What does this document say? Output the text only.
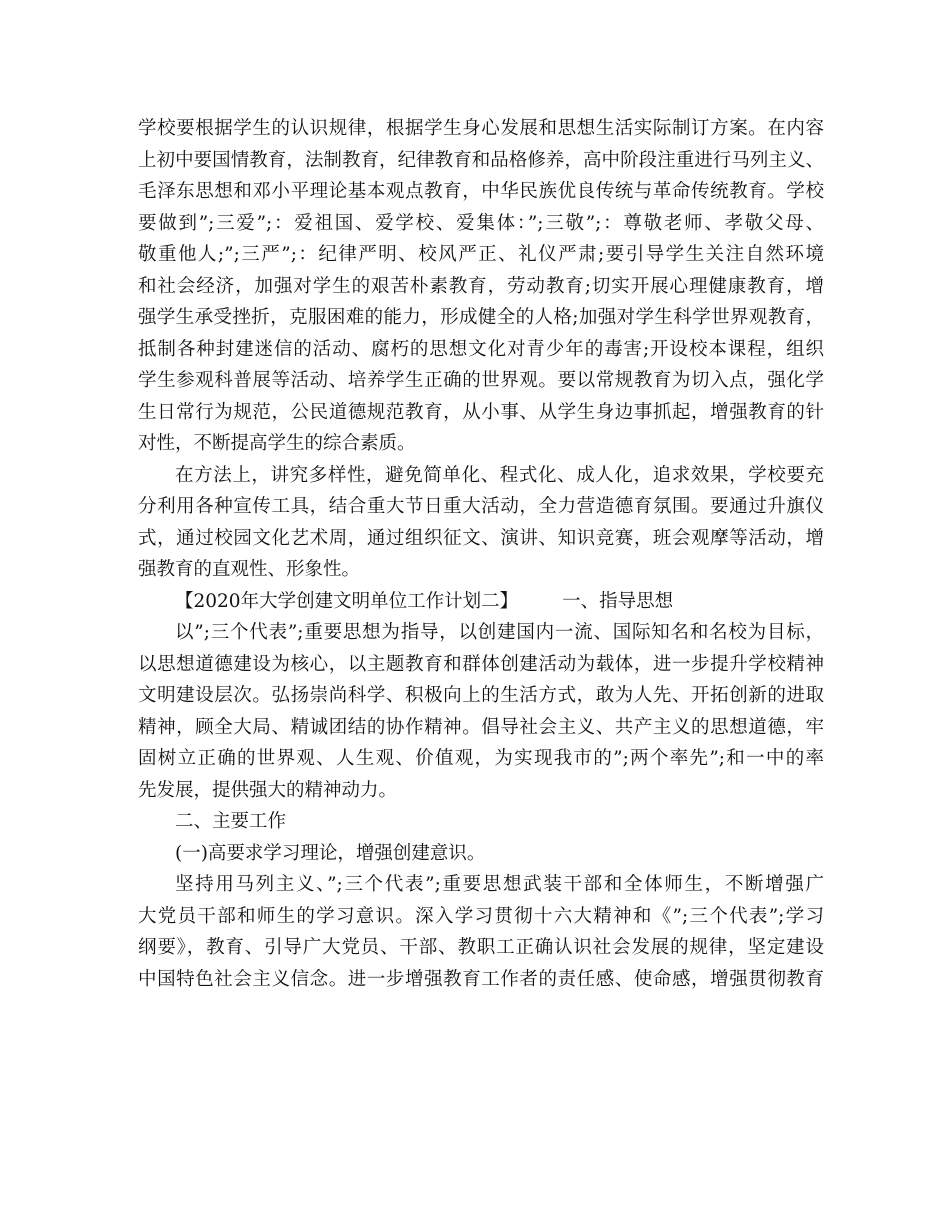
学校要根据学生的认识规律，根据学生身心发展和思想生活实际制订方案。在内容
上初中要国情教育，法制教育，纪律教育和品格修养，高中阶段注重进行马列主义、
毛泽东思想和邓小平理论基本观点教育，中华民族优良传统与革命传统教育。学校
要做到”;三爱”;：爱祖国、爱学校、爱集体：”;三敬”;：尊敬老师、孝敬父母、
敬重他人;”;三严”;：纪律严明、校风严正、礼仪严肃;要引导学生关注自然环境
和社会经济，加强对学生的艰苦朴素教育，劳动教育;切实开展心理健康教育，增
强学生承受挫折，克服困难的能力，形成健全的人格;加强对学生科学世界观教育，
抵制各种封建迷信的活动、腐朽的思想文化对青少年的毒害;开设校本课程，组织
学生参观科普展等活动、培养学生正确的世界观。要以常规教育为切入点，强化学
生日常行为规范，公民道德规范教育，从小事、从学生身边事抓起，增强教育的针
对性，不断提高学生的综合素质。

在方法上，讲究多样性，避免简单化、程式化、成人化，追求效果，学校要充
分利用各种宣传工具，结合重大节日重大活动，全力营造德育氛围。要通过升旗仪
式，通过校园文化艺术周，通过组织征文、演讲、知识竞赛，班会观摩等活动，增
强教育的直观性、形象性。

【2020年大学创建文明单位工作计划二】 一、指导思想

以”;三个代表”;重要思想为指导，以创建国内一流、国际知名和名校为目标，
以思想道德建设为核心，以主题教育和群体创建活动为载体，进一步提升学校精神
文明建设层次。弘扬崇尚科学、积极向上的生活方式，敢为人先、开拓创新的进取
精神，顾全大局、精诚团结的协作精神。倡导社会主义、共产主义的思想道德，牢
固树立正确的世界观、人生观、价值观，为实现我市的”;两个率先”;和一中的率
先发展，提供强大的精神动力。

二、主要工作

(一)高要求学习理论，增强创建意识。

坚持用马列主义、”;三个代表”;重要思想武装干部和全体师生，不断增强广
大党员干部和师生的学习意识。深入学习贯彻十六大精神和《”;三个代表”;学习
纲要》，教育、引导广大党员、干部、教职工正确认识社会发展的规律，坚定建设
中国特色社会主义信念。进一步增强教育工作者的责任感、使命感，增强贯彻教育
